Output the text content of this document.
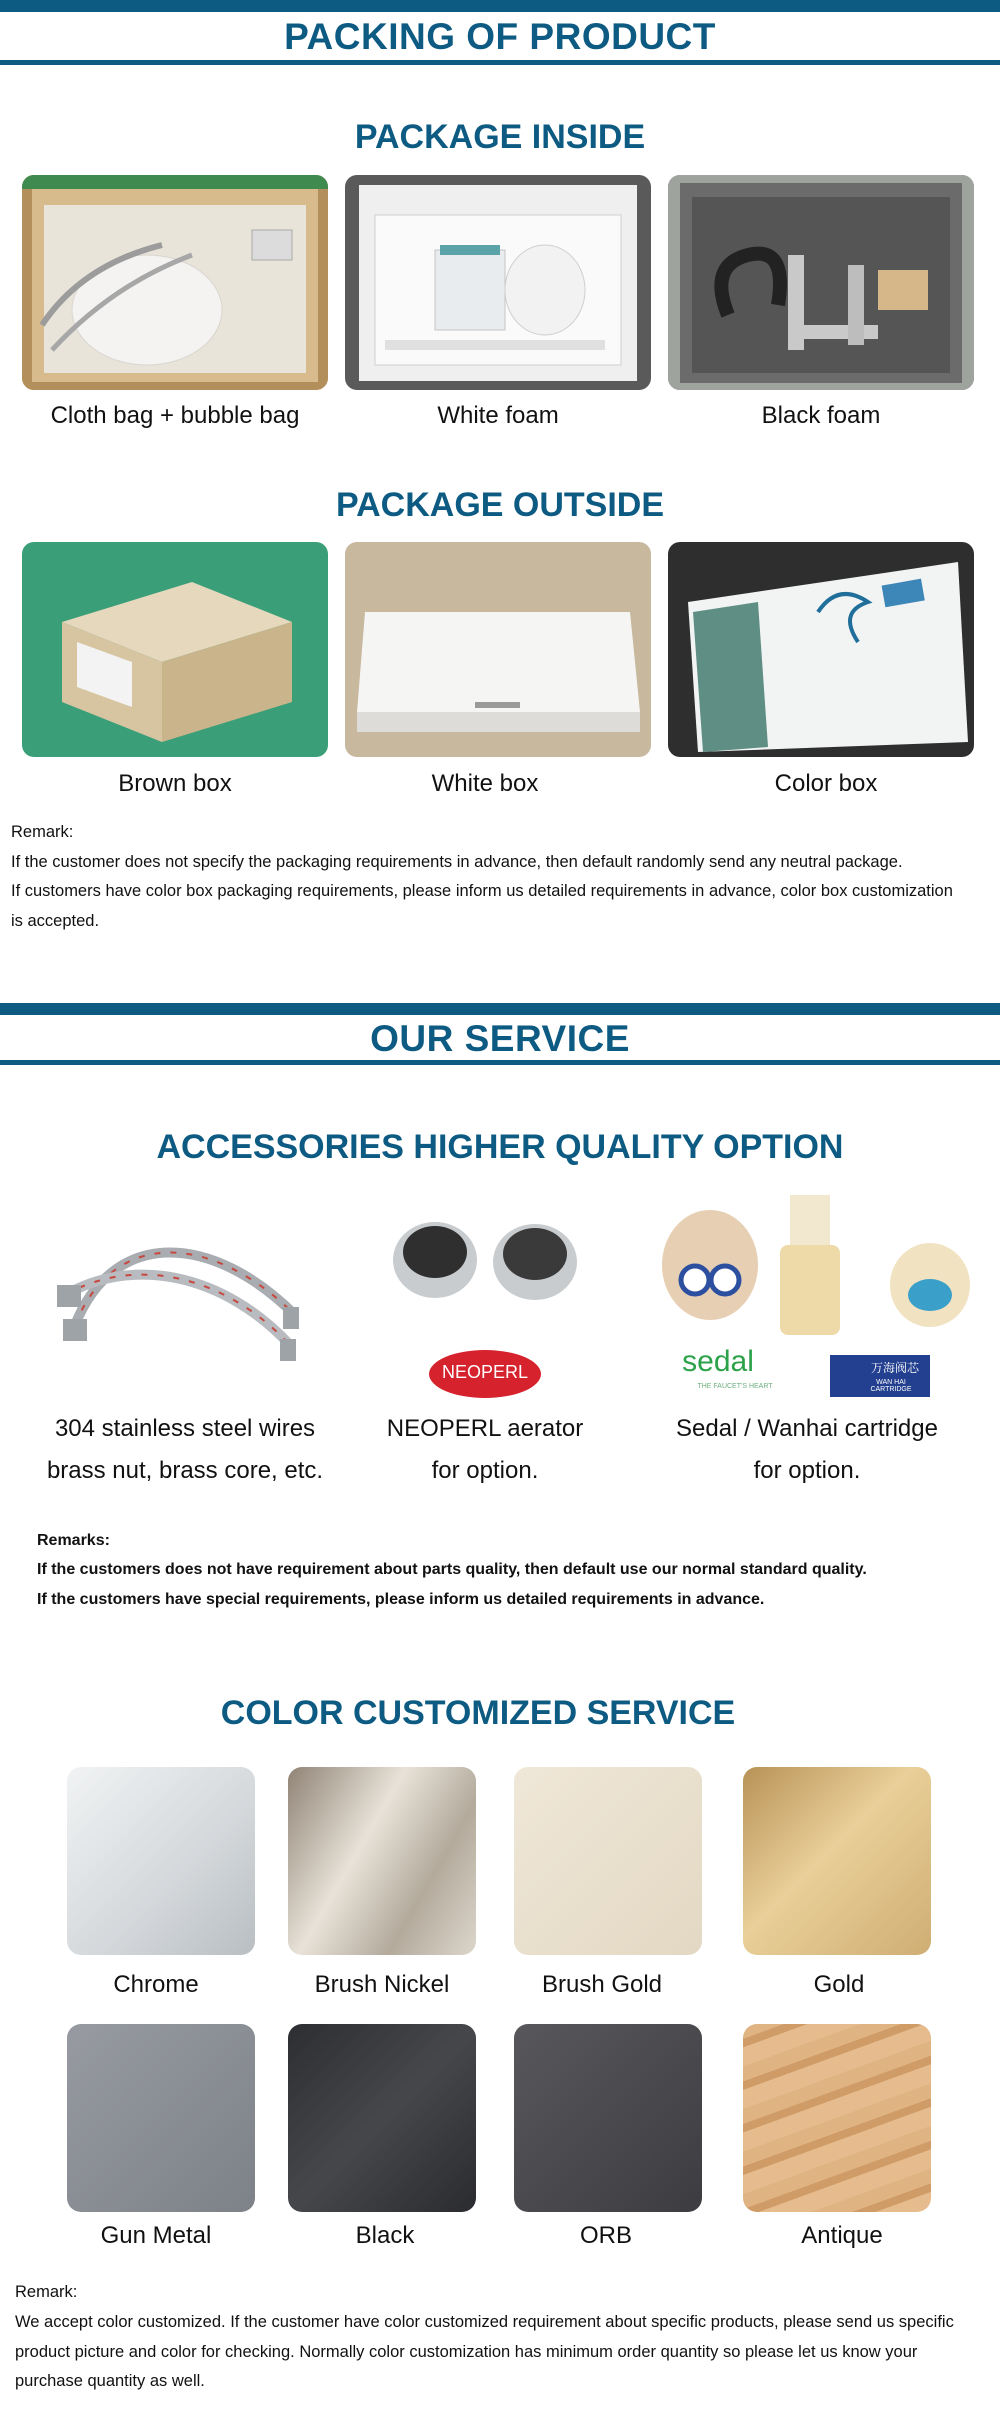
PACKING OF PRODUCT
PACKAGE INSIDE
Cloth bag + bubble bag	White foam	Black foam
PACKAGE OUTSIDE
Brown box	White box	Color box
Remark:
If the customer does not specify the packaging requirements in advance, then default randomly send any neutral package.
If customers have color box packaging requirements, please inform us detailed requirements in advance, color box customization
is accepted.
OUR SERVICE
ACCESSORIES HIGHER QUALITY OPTION
NEOPERL	sedal
THE FAUCET'S HEART
万海阀芯
WAN HAI CARTRIDGE
304 stainless steel wires
brass nut, brass core, etc.
NEOPERL aerator
for option.
Sedal / Wanhai cartridge
for option.
Remarks:
If the customers does not have requirement about parts quality, then default use our normal standard quality.
If the customers have special requirements, please inform us detailed requirements in advance.
COLOR CUSTOMIZED SERVICE
Chrome	Brush Nickel	Brush Gold	Gold
Gun Metal	Black	ORB	Antique
Remark:
We accept color customized. If the customer have color customized requirement about specific products, please send us specific
product picture and color for checking. Normally color customization has minimum order quantity so please let us know your
purchase quantity as well.
